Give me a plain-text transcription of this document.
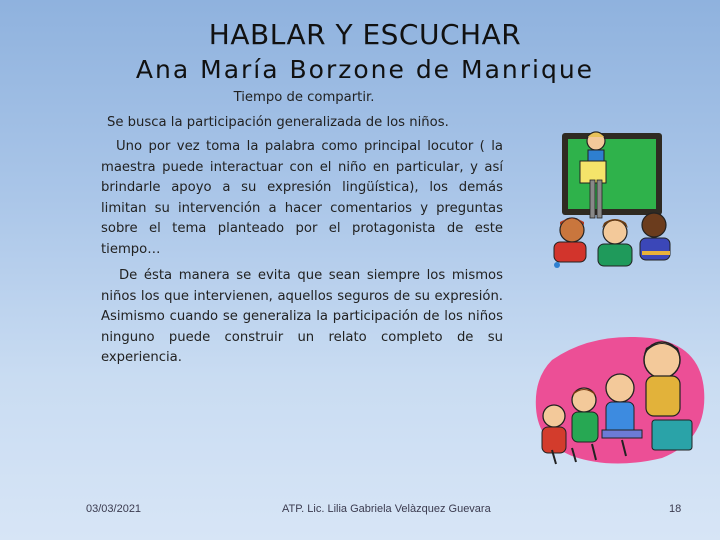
HABLAR Y ESCUCHAR
Ana María Borzone de Manrique

Tiempo de compartir.

Se busca la participación generalizada de los niños.

Uno por vez toma la palabra como principal locutor ( la maestra puede interactuar con el niño en particular, y así brindarle apoyo a su expresión lingüística), los demás limitan su intervención a hacer comentarios y preguntas sobre el tema planteado por el protagonista de este tiempo…

De ésta manera se evita que sean siempre los mismos niños los que intervienen, aquellos seguros de su expresión. Asimismo cuando se generaliza la participación de los niños ninguno puede construir un relato completo de su experiencia.

03/03/2021	ATP. Lic. Lilia Gabriela Velàzquez Guevara	18
